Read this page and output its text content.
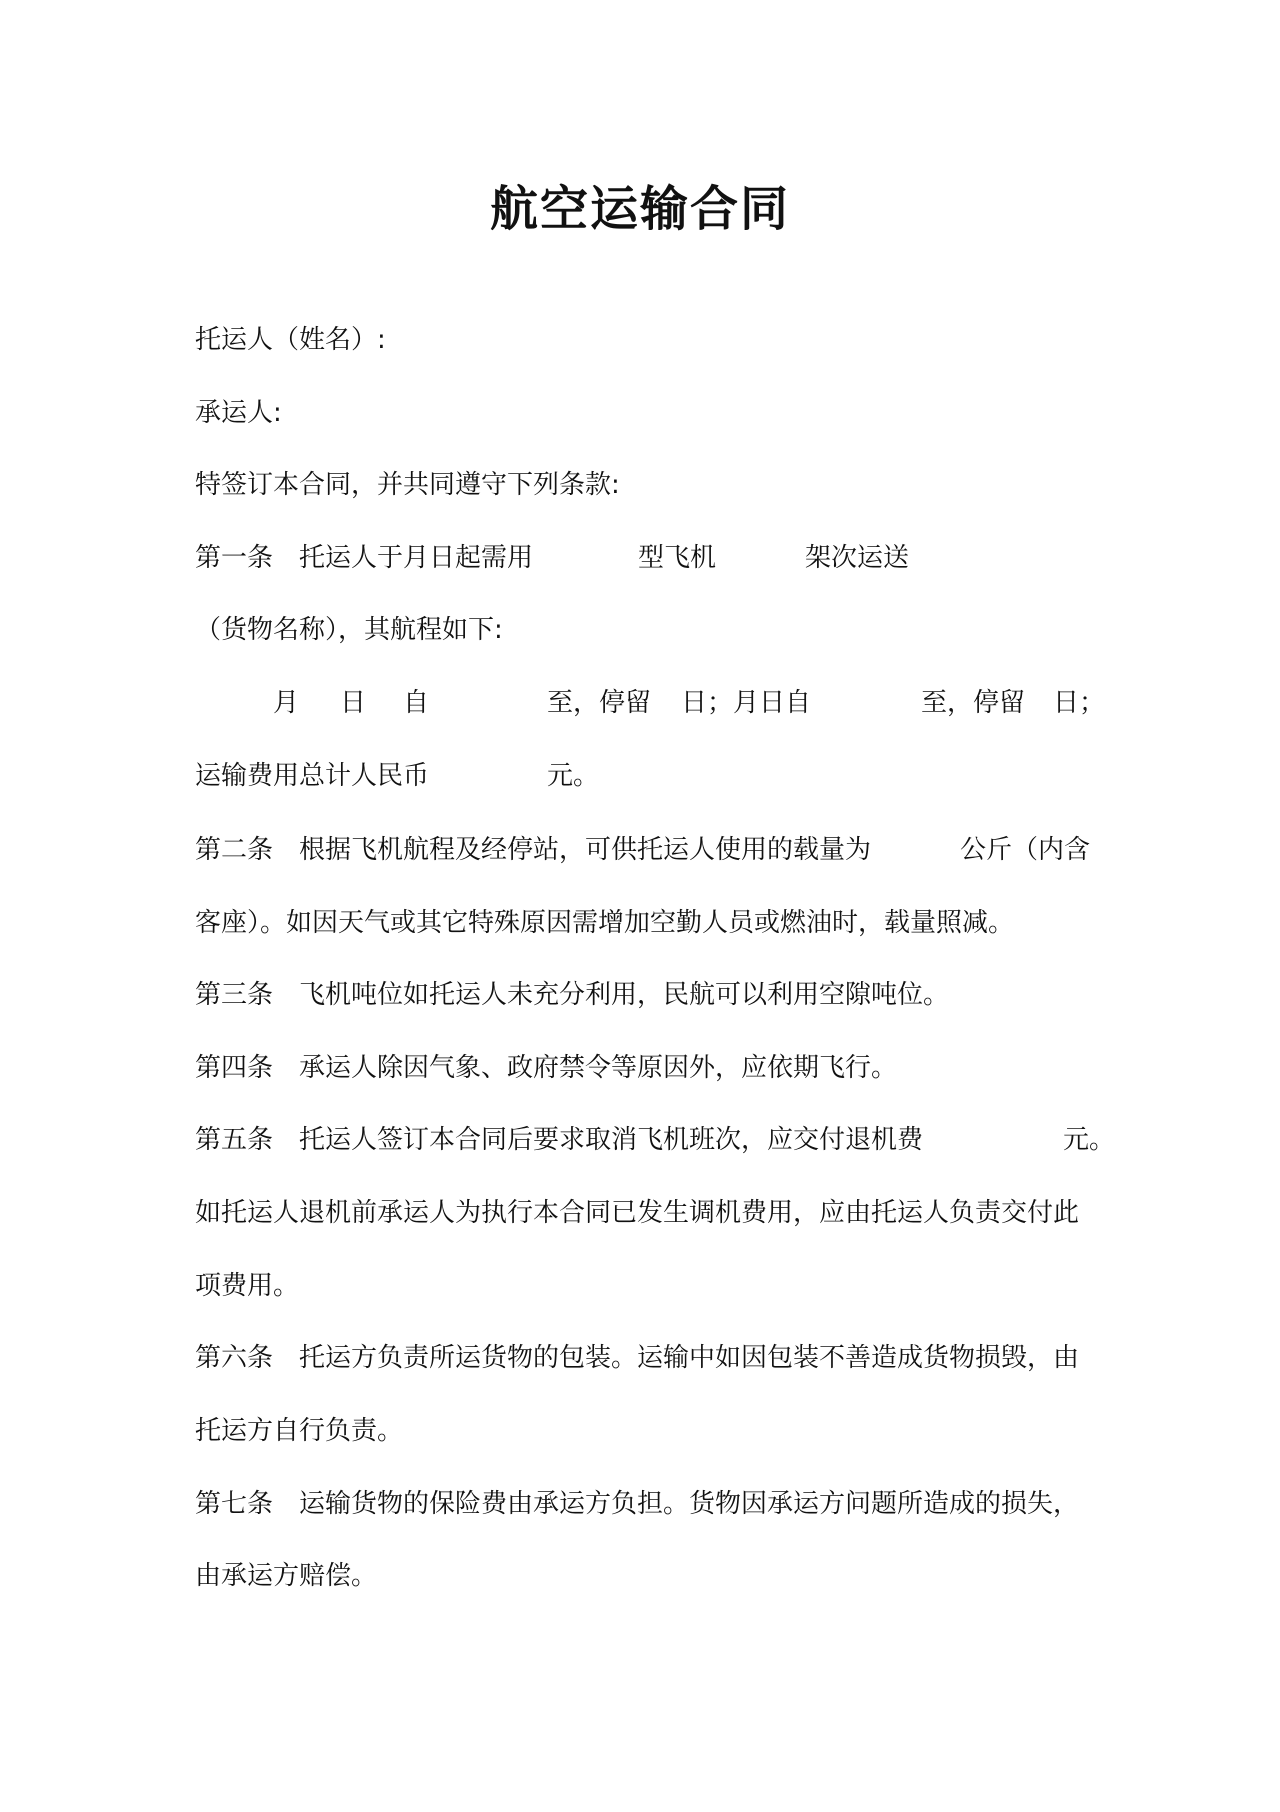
航空运输合同
托运人（姓名）:
承运人:
特签订本合同，并共同遵守下列条款:

第一条　托运人于月日起需用

	型飞机

	架次运送

（货物名称），其航程如下:

月

日

自

	至，停留

日；月日自

	至，停留

日；

运输费用总计人民币

	元。

第二条　根据飞机航程及经停站，可供托运人使用的载量为

	公斤（内含

客座）。如因天气或其它特殊原因需增加空勤人员或燃油时，载量照减。
第三条　飞机吨位如托运人未充分利用，民航可以利用空隙吨位。
第四条　承运人除因气象、政府禁令等原因外，应依期飞行。

第五条　托运人签订本合同后要求取消飞机班次，应交付退机费

	元。

如托运人退机前承运人为执行本合同已发生调机费用，应由托运人负责交付此
项费用。
第六条　托运方负责所运货物的包装。运输中如因包装不善造成货物损毁，由
托运方自行负责。
第七条　运输货物的保险费由承运方负担。货物因承运方问题所造成的损失，
由承运方赔偿。
